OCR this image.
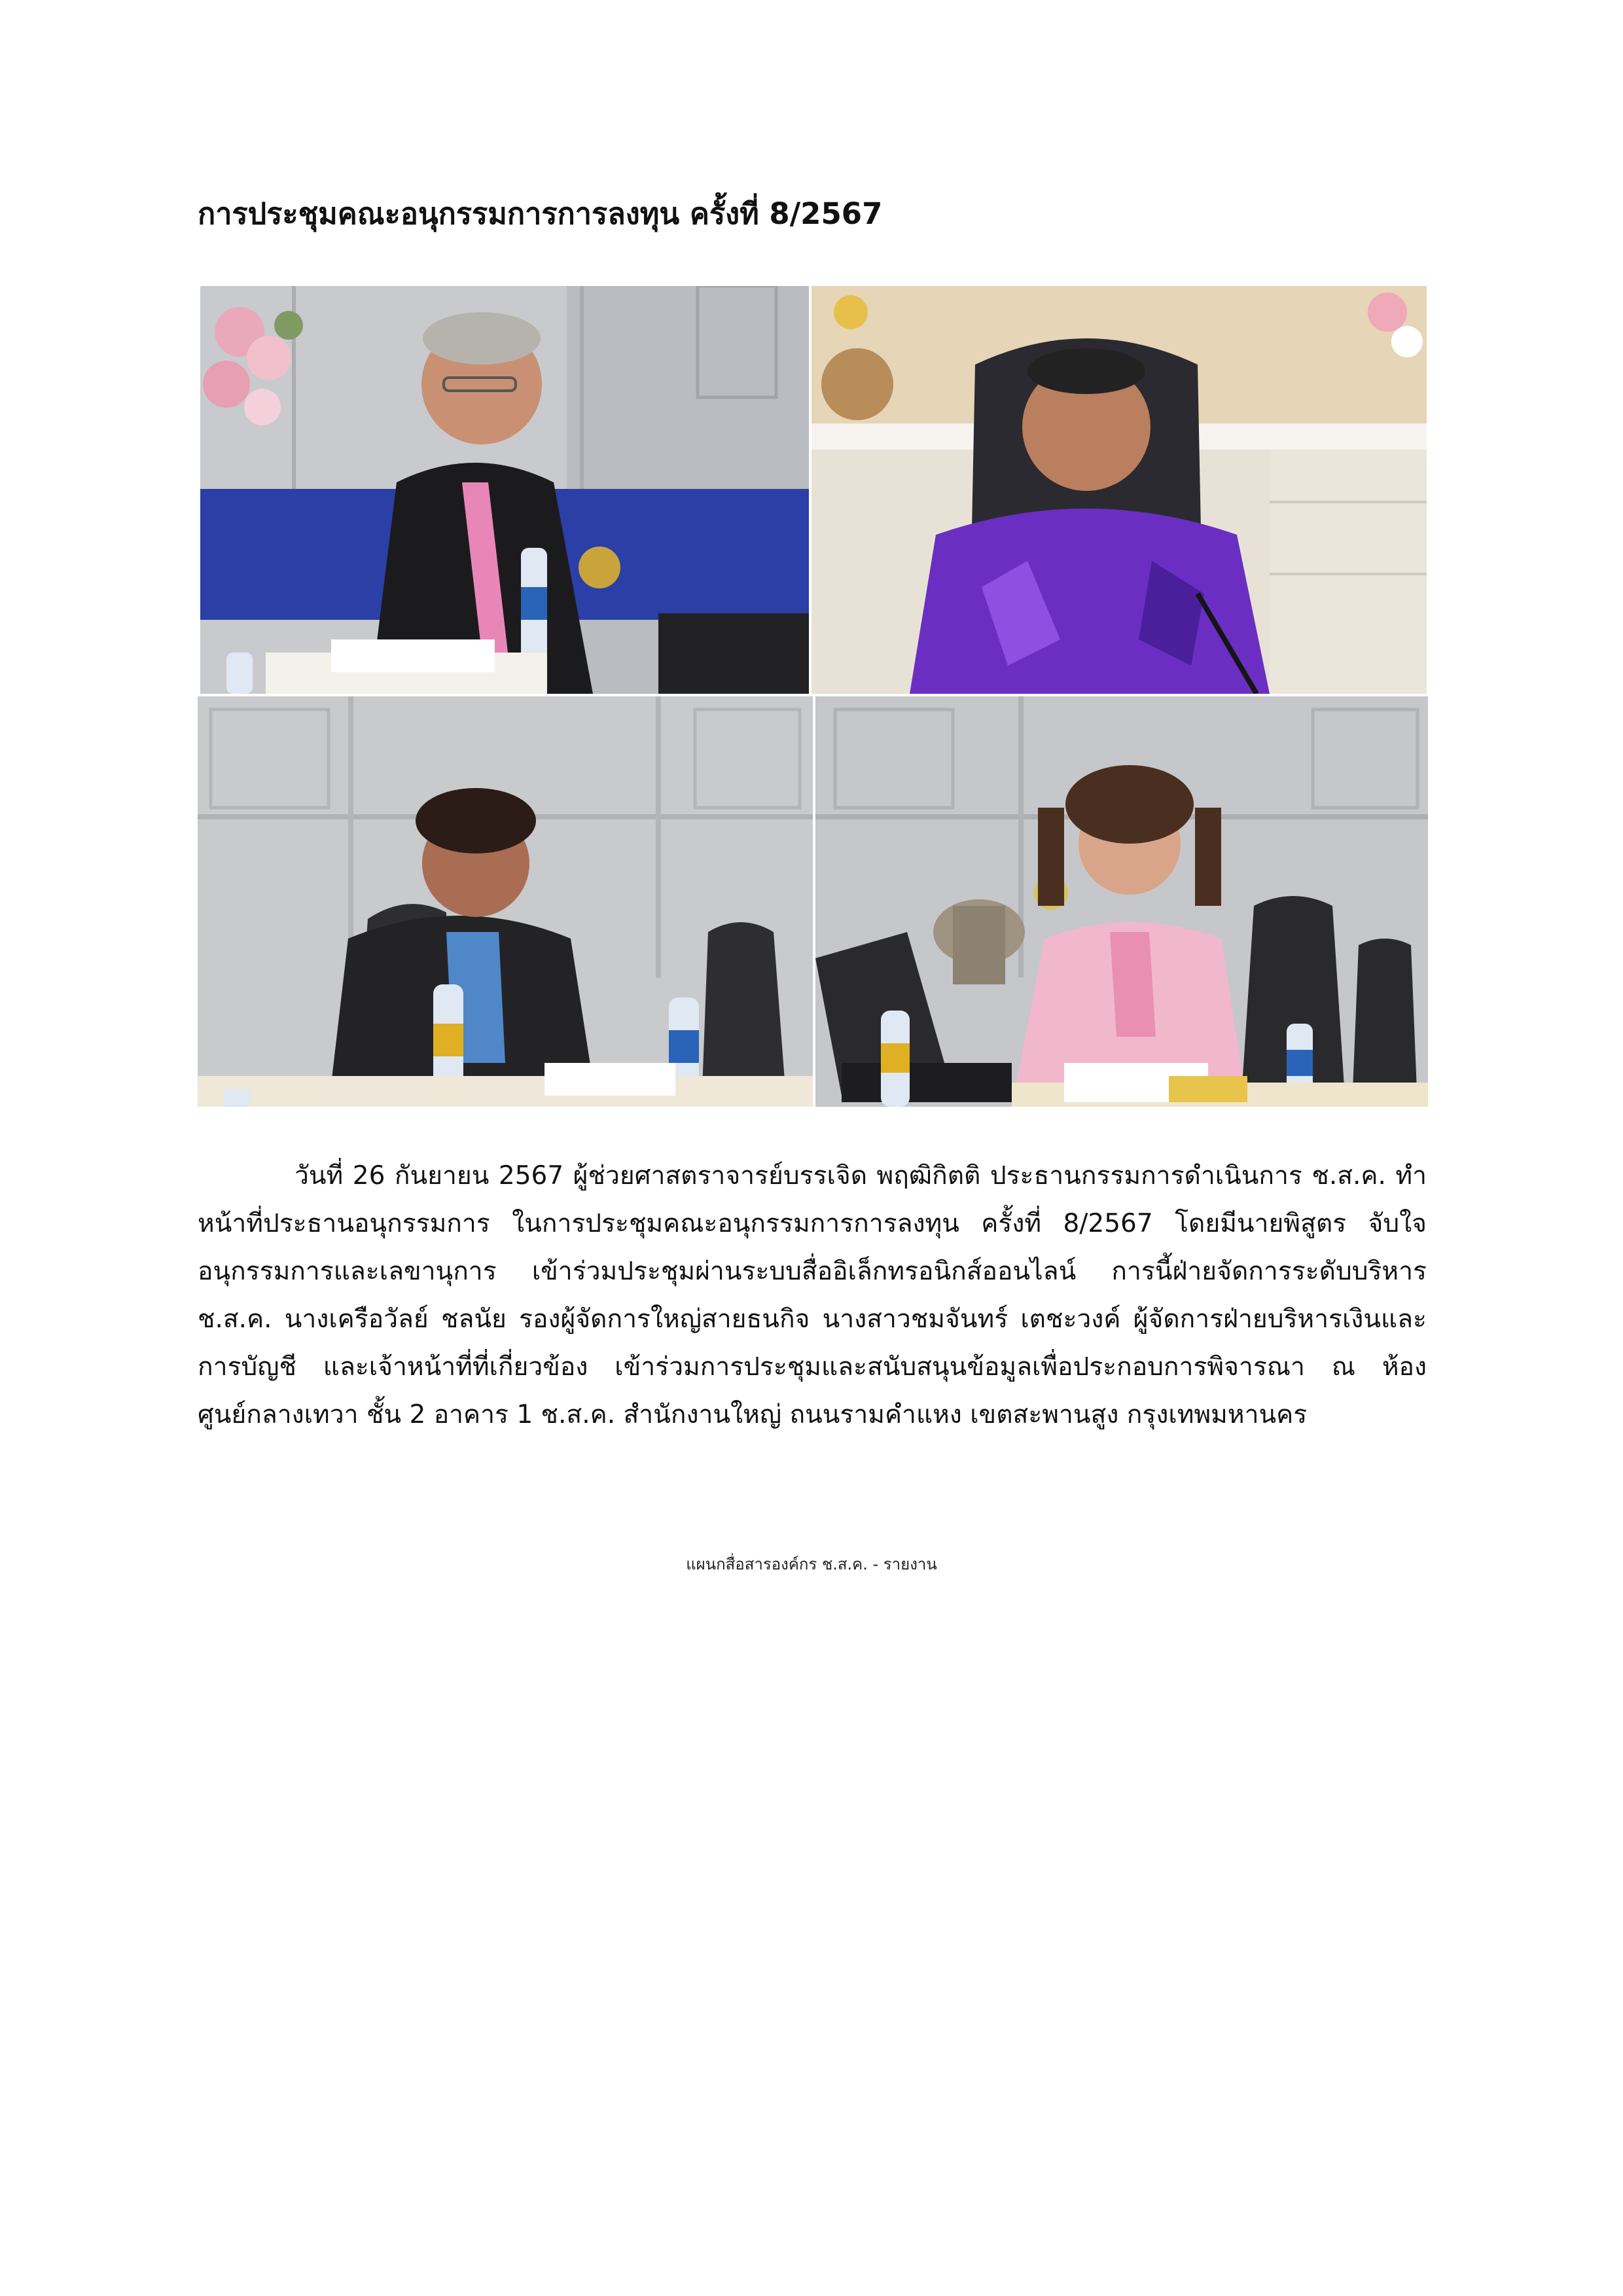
การประชุมคณะอนุกรรมการการลงทุน ครั้งที่ 8/2567

วันที่ 26 กันยายน 2567 ผู้ช่วยศาสตราจารย์บรรเจิด พฤฒิกิตติ ประธานกรรมการดำเนินการ ช.ส.ค. ทำหน้าที่ประธานอนุกรรมการ ในการประชุมคณะอนุกรรมการการลงทุน ครั้งที่ 8/2567 โดยมีนายพิสูตร จับใจ อนุกรรมการและเลขานุการ เข้าร่วมประชุมผ่านระบบสื่ออิเล็กทรอนิกส์ออนไลน์ การนี้ฝ่ายจัดการระดับบริหาร ช.ส.ค. นางเครือวัลย์ ชลนัย รองผู้จัดการใหญ่สายธนกิจ นางสาวชมจันทร์ เตชะวงค์ ผู้จัดการฝ่ายบริหารเงินและการบัญชี และเจ้าหน้าที่ที่เกี่ยวข้อง เข้าร่วมการประชุมและสนับสนุนข้อมูลเพื่อประกอบการพิจารณา ณ ห้องศูนย์กลางเทวา ชั้น 2 อาคาร 1 ช.ส.ค. สำนักงานใหญ่ ถนนรามคำแหง เขตสะพานสูง กรุงเทพมหานคร

แผนกสื่อสารองค์กร ช.ส.ค. - รายงาน
